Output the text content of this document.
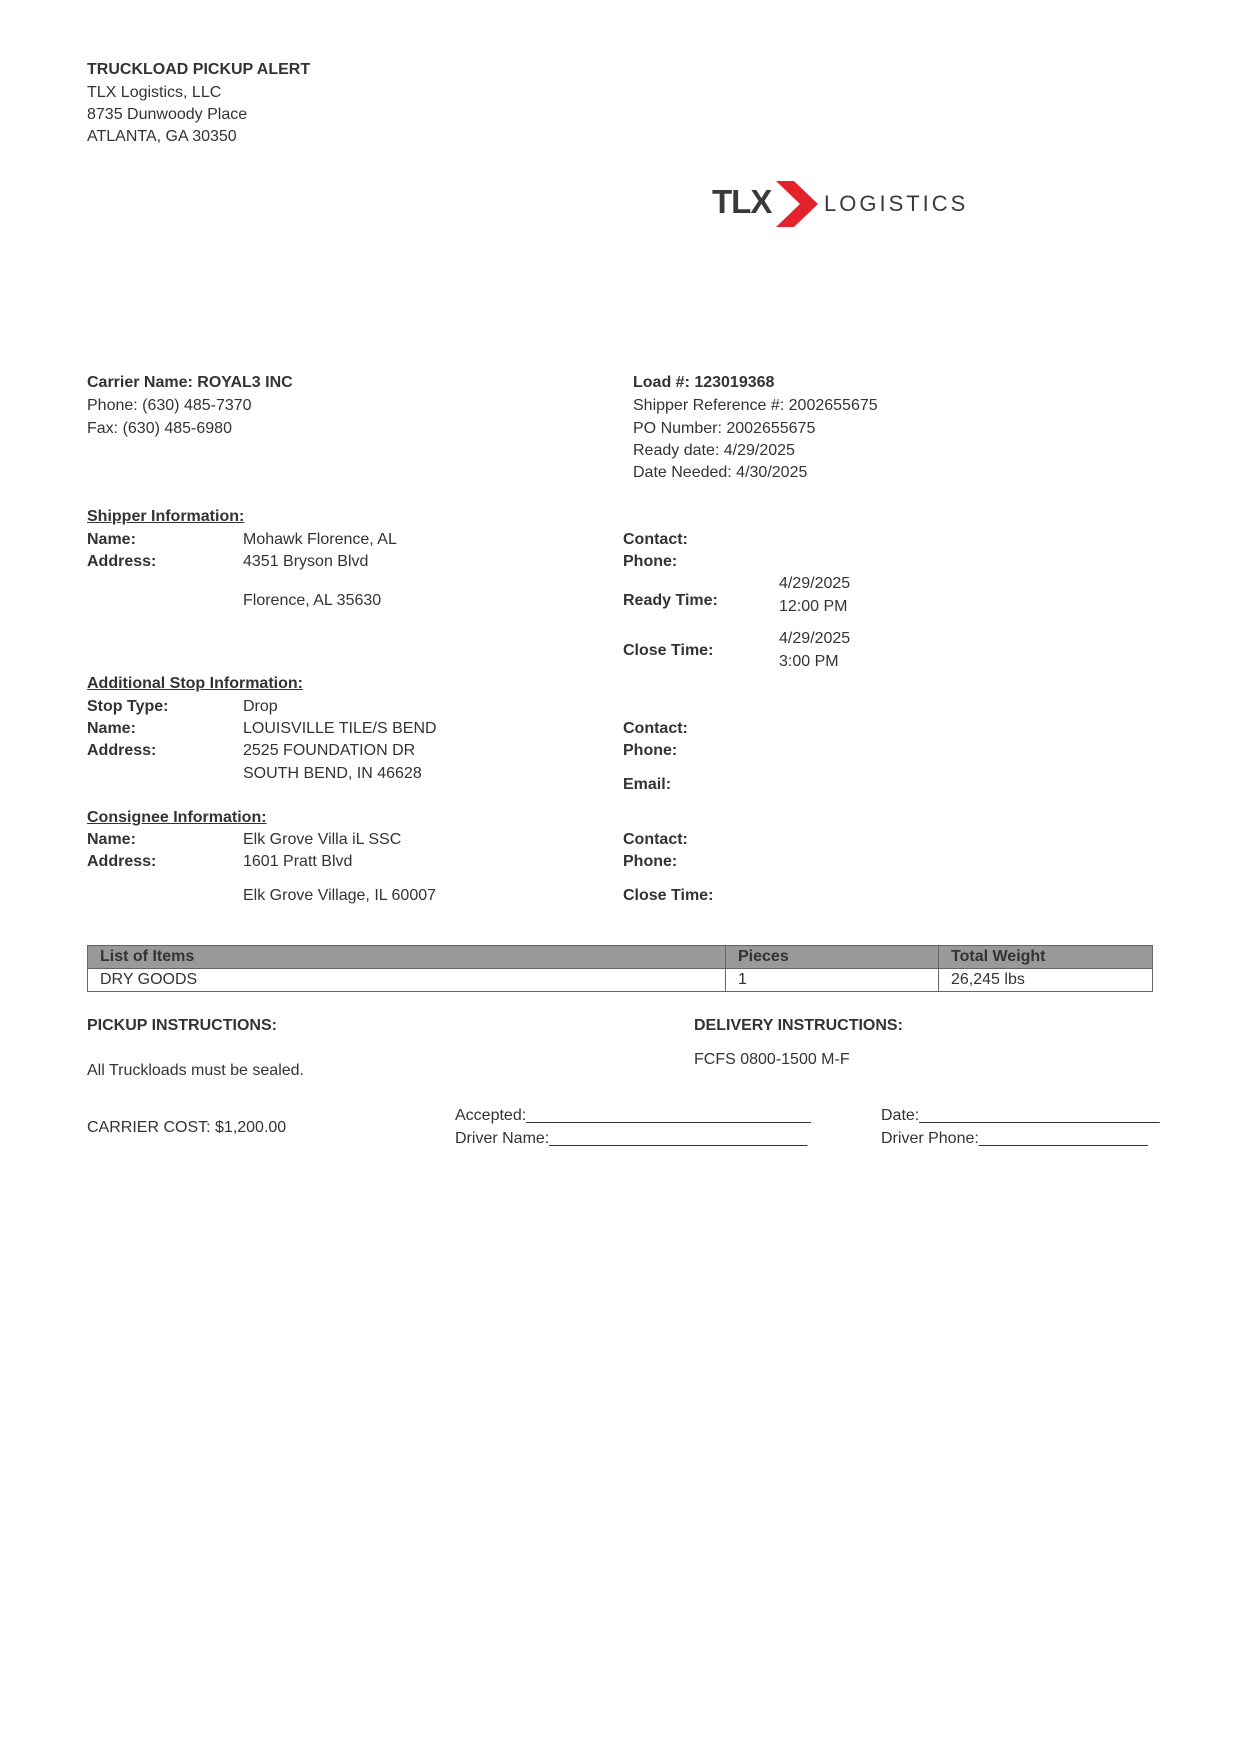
TRUCKLOAD PICKUP ALERT
TLX Logistics, LLC
8735 Dunwoody Place
ATLANTA, GA 30350
TLX LOGISTICS
Carrier Name: ROYAL3 INC
Phone: (630) 485-7370
Fax: (630) 485-6980
Load #: 123019368
Shipper Reference #: 2002655675
PO Number: 2002655675
Ready date: 4/29/2025
Date Needed: 4/30/2025
Shipper Information:
Name:	Mohawk Florence, AL
Address:	4351 Bryson Blvd
Florence, AL 35630
Contact:
Phone:
Ready Time:
4/29/2025
12:00 PM
Close Time:
4/29/2025
3:00 PM
Additional Stop Information:
Stop Type:	Drop
Name:	LOUISVILLE TILE/S BEND
Address:	2525 FOUNDATION DR
SOUTH BEND, IN 46628
Contact:
Phone:
Email:
Consignee Information:
Name:	Elk Grove Villa iL SSC
Address:	1601 Pratt Blvd
Elk Grove Village, IL 60007
Contact:
Phone:
Close Time:
List of Items	Pieces	Total Weight
DRY GOODS	1	26,245 lbs
PICKUP INSTRUCTIONS:
All Truckloads must be sealed.
DELIVERY INSTRUCTIONS:
FCFS 0800-1500 M-F
CARRIER COST: $1,200.00
Accepted:________________________________
Driver Name:_____________________________
Date:___________________________
Driver Phone:___________________
